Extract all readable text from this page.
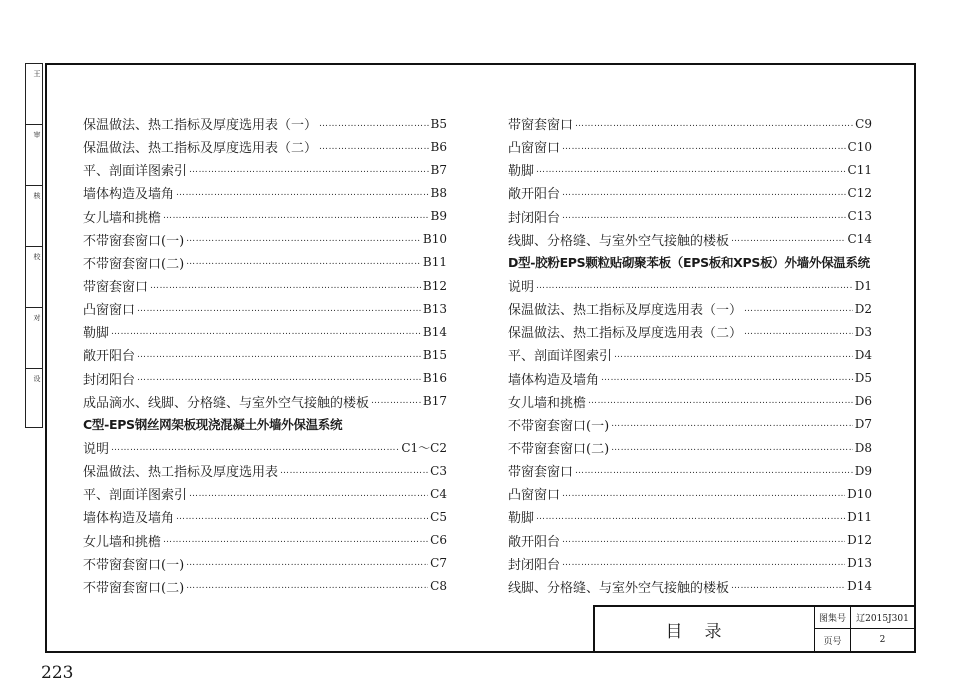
王
审
核
校
对
设
保温做法、热工指标及厚度选用表（一） …………………………………………………………………………………………………………………………	B5
保温做法、热工指标及厚度选用表（二） …………………………………………………………………………………………………………………………	B6
平、剖面详图索引 …………………………………………………………………………………………………………………………	B7
墙体构造及墙角 …………………………………………………………………………………………………………………………	B8
女儿墙和挑檐 …………………………………………………………………………………………………………………………	B9
不带窗套窗口(一) …………………………………………………………………………………………………………………………	B10
不带窗套窗口(二) …………………………………………………………………………………………………………………………	B11
带窗套窗口 …………………………………………………………………………………………………………………………	B12
凸窗窗口 …………………………………………………………………………………………………………………………	B13
勒脚 …………………………………………………………………………………………………………………………	B14
敞开阳台 …………………………………………………………………………………………………………………………	B15
封闭阳台 …………………………………………………………………………………………………………………………	B16
成品滴水、线脚、分格缝、与室外空气接触的楼板 …………………………………………………………………………………………………………………………	B17
C型-EPS钢丝网架板现浇混凝土外墙外保温系统
说明 …………………………………………………………………………………………………………………………	C1～C2
保温做法、热工指标及厚度选用表 …………………………………………………………………………………………………………………………	C3
平、剖面详图索引 …………………………………………………………………………………………………………………………	C4
墙体构造及墙角 …………………………………………………………………………………………………………………………	C5
女儿墙和挑檐 …………………………………………………………………………………………………………………………	C6
不带窗套窗口(一) …………………………………………………………………………………………………………………………	C7
不带窗套窗口(二) …………………………………………………………………………………………………………………………	C8
带窗套窗口 …………………………………………………………………………………………………………………………	C9
凸窗窗口 …………………………………………………………………………………………………………………………	C10
勒脚 …………………………………………………………………………………………………………………………	C11
敞开阳台 …………………………………………………………………………………………………………………………	C12
封闭阳台 …………………………………………………………………………………………………………………………	C13
线脚、分格缝、与室外空气接触的楼板 …………………………………………………………………………………………………………………………	C14
D型-胶粉EPS颗粒贴砌聚苯板（EPS板和XPS板）外墙外保温系统
说明 …………………………………………………………………………………………………………………………	D1
保温做法、热工指标及厚度选用表（一） …………………………………………………………………………………………………………………………	D2
保温做法、热工指标及厚度选用表（二） …………………………………………………………………………………………………………………………	D3
平、剖面详图索引 …………………………………………………………………………………………………………………………	D4
墙体构造及墙角 …………………………………………………………………………………………………………………………	D5
女儿墙和挑檐 …………………………………………………………………………………………………………………………	D6
不带窗套窗口(一) …………………………………………………………………………………………………………………………	D7
不带窗套窗口(二) …………………………………………………………………………………………………………………………	D8
带窗套窗口 …………………………………………………………………………………………………………………………	D9
凸窗窗口 …………………………………………………………………………………………………………………………	D10
勒脚 …………………………………………………………………………………………………………………………	D11
敞开阳台 …………………………………………………………………………………………………………………………	D12
封闭阳台 …………………………………………………………………………………………………………………………	D13
线脚、分格缝、与室外空气接触的楼板 …………………………………………………………………………………………………………………………	D14
目录
图集号	辽2015J301
页号	2
223
